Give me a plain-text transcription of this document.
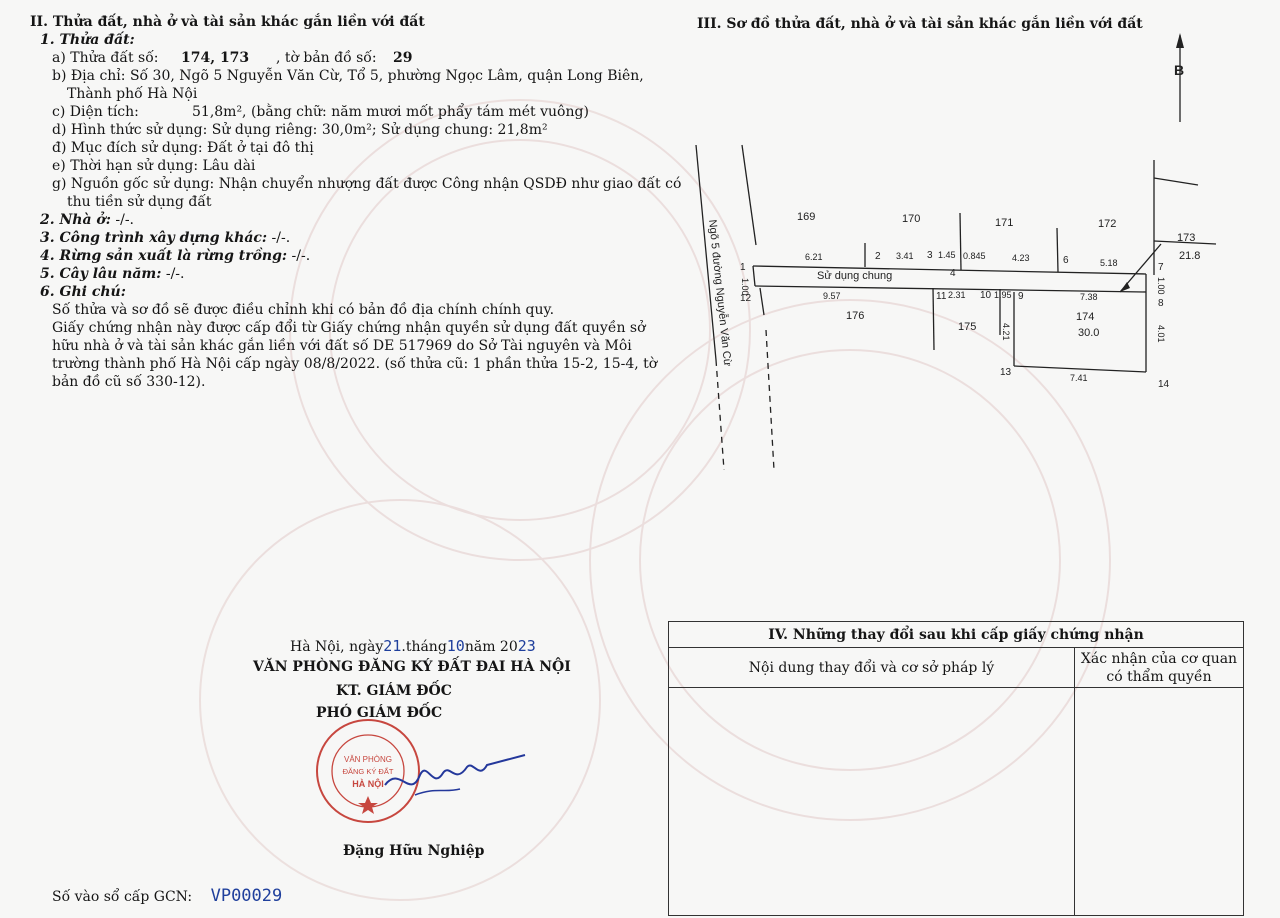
II. Thửa đất, nhà ở và tài sản khác gắn liền với đất
1. Thửa đất:
a) Thửa đất số: 174, 173 , tờ bản đồ số: 29
b) Địa chỉ: Số 30, Ngõ 5 Nguyễn Văn Cừ, Tổ 5, phường Ngọc Lâm, quận Long Biên,
Thành phố Hà Nội
c) Diện tích:	51,8m², (bằng chữ: năm mươi mốt phẩy tám mét vuông)
d) Hình thức sử dụng: Sử dụng riêng: 30,0m²; Sử dụng chung: 21,8m²
đ) Mục đích sử dụng: Đất ở tại đô thị
e) Thời hạn sử dụng: Lâu dài
g) Nguồn gốc sử dụng: Nhận chuyển nhượng đất được Công nhận QSDĐ như giao đất có
thu tiền sử dụng đất
2. Nhà ở: -/-.
3. Công trình xây dựng khác: -/-.
4. Rừng sản xuất là rừng trồng: -/-.
5. Cây lâu năm: -/-.
6. Ghi chú:
Số thửa và sơ đồ sẽ được điều chỉnh khi có bản đồ địa chính chính quy.
Giấy chứng nhận này được cấp đổi từ Giấy chứng nhận quyền sử dụng đất quyền sở
hữu nhà ở và tài sản khác gắn liền với đất số DE 517969 do Sở Tài nguyên và Môi
trường thành phố Hà Nội cấp ngày 08/8/2022. (số thửa cũ: 1 phần thửa 15-2, 15-4, tờ
bản đồ cũ số 330-12).
III. Sơ đồ thửa đất, nhà ở và tài sản khác gắn liền với đất
B
Ngõ 5 đường Nguyễn Văn Cừ	Sử dụng chung
169	170	171	172
173
21.8
174
30.0
175
176
1
2	3
4
6
7
8
9
10
11
12
13
14
6.21	3.41	1.45 0.845	4.23	5.18
1.00	1.00
9.57	2.31	1.95	7.38
4.21	4.01
7.41
Hà Nội, ngày21.tháng10năm 2023
VĂN PHÒNG ĐĂNG KÝ ĐẤT ĐAI HÀ NỘI
KT. GIÁM ĐỐC
PHÓ GIÁM ĐỐC
VĂN PHÒNG
ĐĂNG KÝ ĐẤT
HÀ NỘI
Đặng Hữu Nghiệp
Số vào sổ cấp GCN: VP00029
IV. Những thay đổi sau khi cấp giấy chứng nhận	
Nội dung thay đổi và cơ sở pháp lý	Xác nhận của cơ quan
có thẩm quyền
